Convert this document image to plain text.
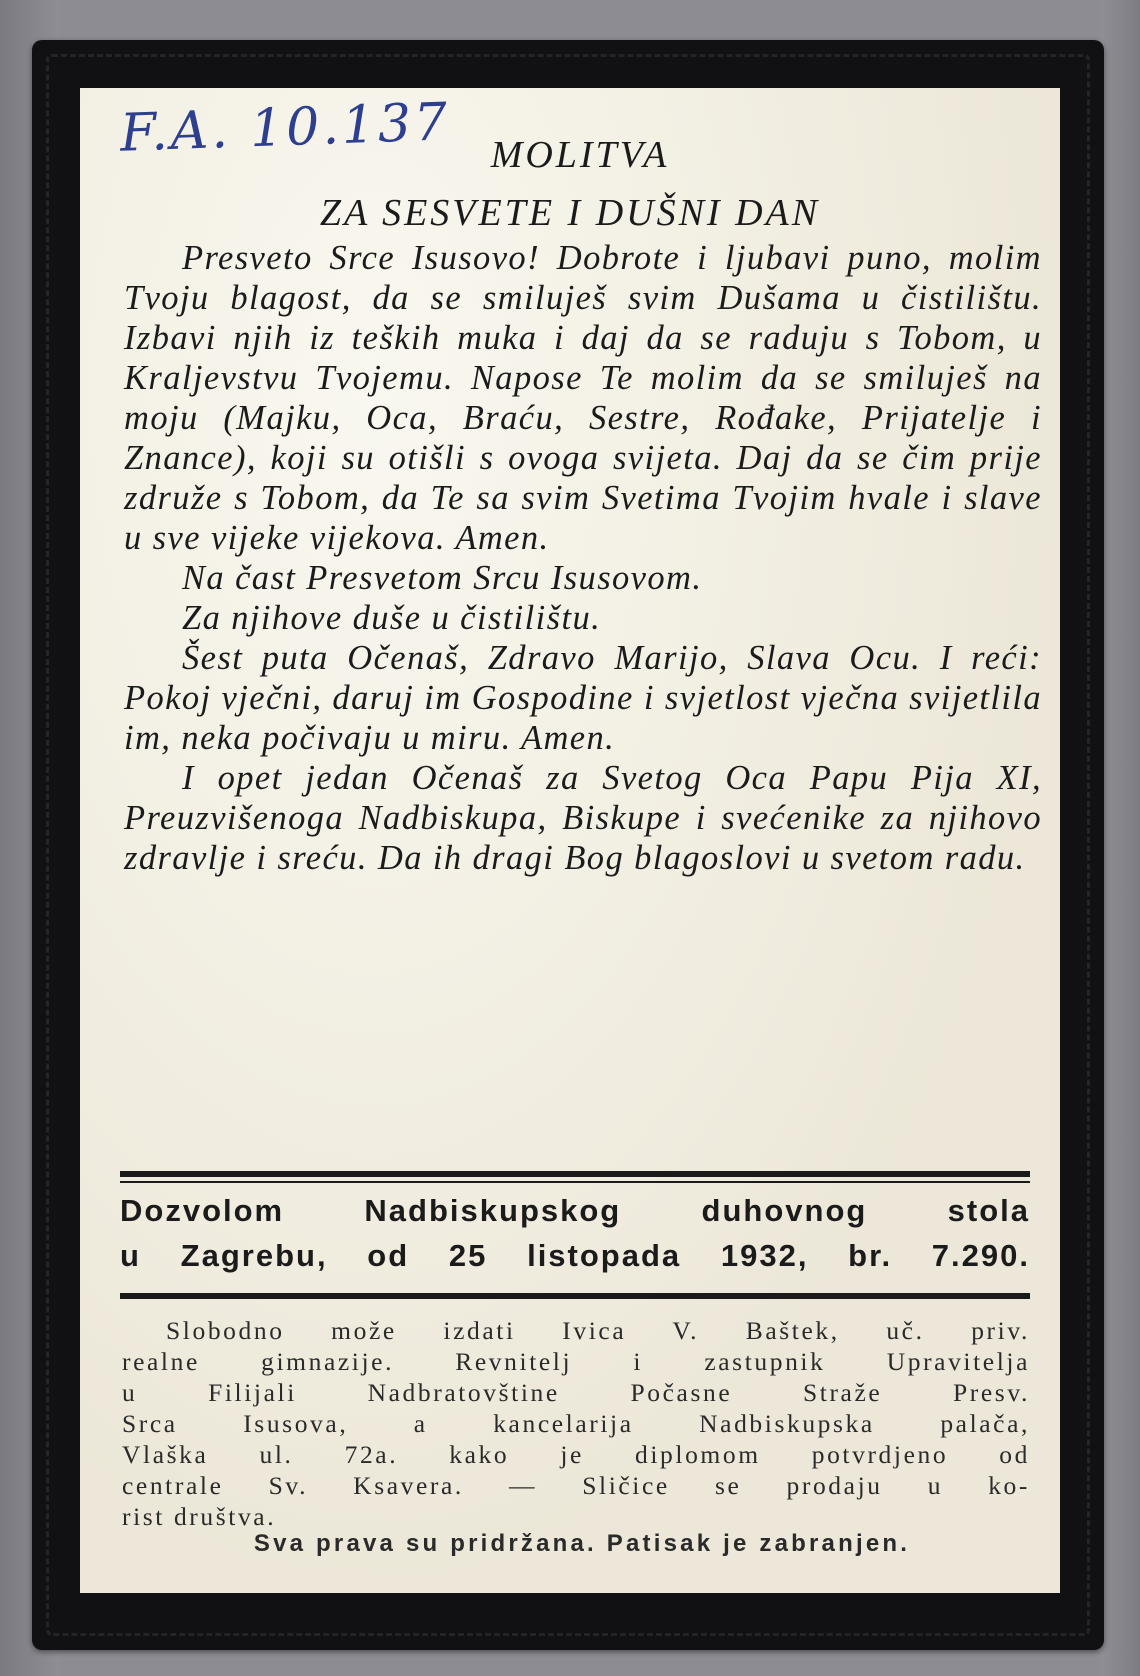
F.A. 10.137	MOLITVA
ZA SESVETE I DUŠNI DAN

Presveto Srce Isusovo! Dobrote i ljubavi puno, molim Tvoju blagost, da se smiluješ svim Dušama u čistilištu. Izbavi njih iz teških muka i daj da se raduju s Tobom, u Kraljevstvu Tvojemu. Napose Te molim da se smiluješ na moju (Majku, Oca, Braću, Sestre, Rođake, Prijatelje i Znance), koji su otišli s ovoga svijeta. Daj da se čim prije združe s Tobom, da Te sa svim Svetima Tvojim hvale i slave u sve vijeke vijekova. Amen.

Na čast Presvetom Srcu Isusovom.

Za njihove duše u čistilištu.

Šest puta Očenaš, Zdravo Marijo, Slava Ocu. I reći: Pokoj vječni, daruj im Gospodine i svjetlost vječna svijetlila im, neka počivaju u miru. Amen.

I opet jedan Očenaš za Svetog Oca Papu Pija XI, Preuzvišenoga Nadbiskupa, Biskupe i svećenike za njihovo zdravlje i sreću. Da ih dragi Bog blagoslovi u svetom radu.

Dozvolom Nadbiskupskog duhovnog stola
u Zagrebu, od 25 listopada 1932, br. 7.290.
Slobodno može izdati Ivica V. Baštek, uč. priv.
realne gimnazije. Revnitelj i zastupnik Upravitelja
u Filijali Nadbratovštine Počasne Straže Presv.
Srca Isusova, a kancelarija Nadbiskupska palača,
Vlaška ul. 72a. kako je diplomom potvrdjeno od
centrale Sv. Ksavera. — Sličice se prodaju u ko-
rist društva.
Sva prava su pridržana. Patisak je zabranjen.
